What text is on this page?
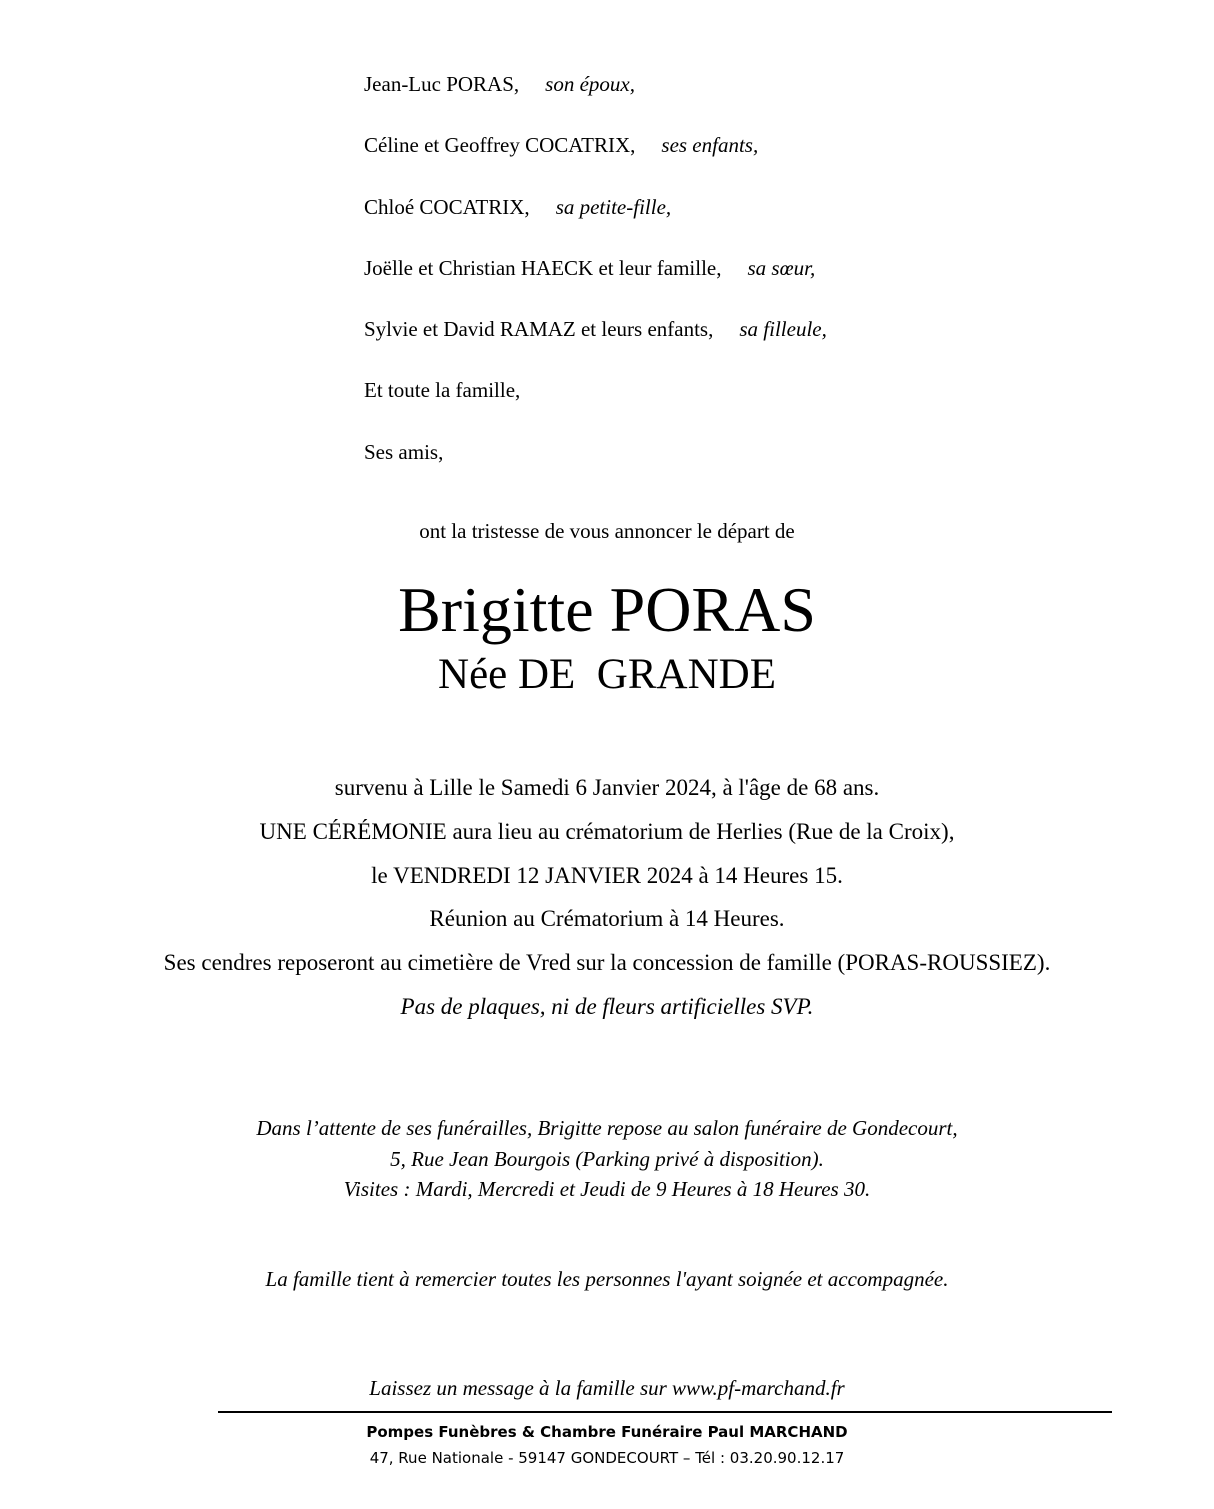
Jean-Luc PORAS, son époux,
Céline et Geoffrey COCATRIX, ses enfants,
Chloé COCATRIX, sa petite-fille,
Joëlle et Christian HAECK et leur famille, sa sœur,
Sylvie et David RAMAZ et leurs enfants, sa filleule,
Et toute la famille,
Ses amis,
ont la tristesse de vous annoncer le départ de
Brigitte PORAS
Née DE  GRANDE
survenu à Lille le Samedi 6 Janvier 2024, à l'âge de 68 ans.
UNE CÉRÉMONIE aura lieu au crématorium de Herlies (Rue de la Croix),
le VENDREDI 12 JANVIER 2024 à 14 Heures 15.
Réunion au Crématorium à 14 Heures.
Ses cendres reposeront au cimetière de Vred sur la concession de famille (PORAS-ROUSSIEZ).
Pas de plaques, ni de fleurs artificielles SVP.
Dans l’attente de ses funérailles, Brigitte repose au salon funéraire de Gondecourt,
5, Rue Jean Bourgois (Parking privé à disposition).
Visites : Mardi, Mercredi et Jeudi de 9 Heures à 18 Heures 30.
La famille tient à remercier toutes les personnes l'ayant soignée et accompagnée.
Laissez un message à la famille sur www.pf-marchand.fr
Pompes Funèbres & Chambre Funéraire Paul MARCHAND
47, Rue Nationale - 59147 GONDECOURT – Tél : 03.20.90.12.17
